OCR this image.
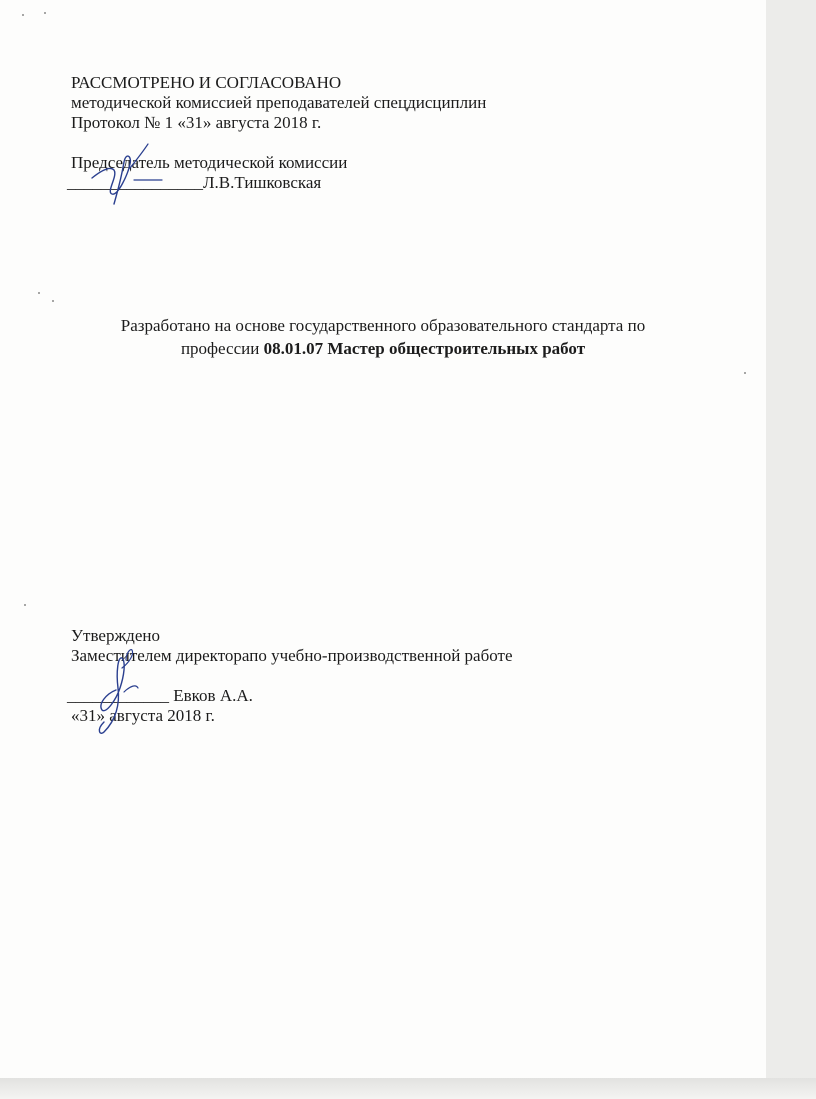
РАССМОТРЕНО И СОГЛАСОВАНО
методической комиссией преподавателей спецдисциплин
Протокол № 1 «31» августа 2018 г.
Председатель методической комиссии
________________Л.В.Тишковская
Разработано на основе государственного образовательного стандарта по
профессии 08.01.07 Мастер общестроительных работ
Утверждено
Заместителем директорапо учебно-производственной работе
____________ Евков А.А.
«31» августа 2018 г.
